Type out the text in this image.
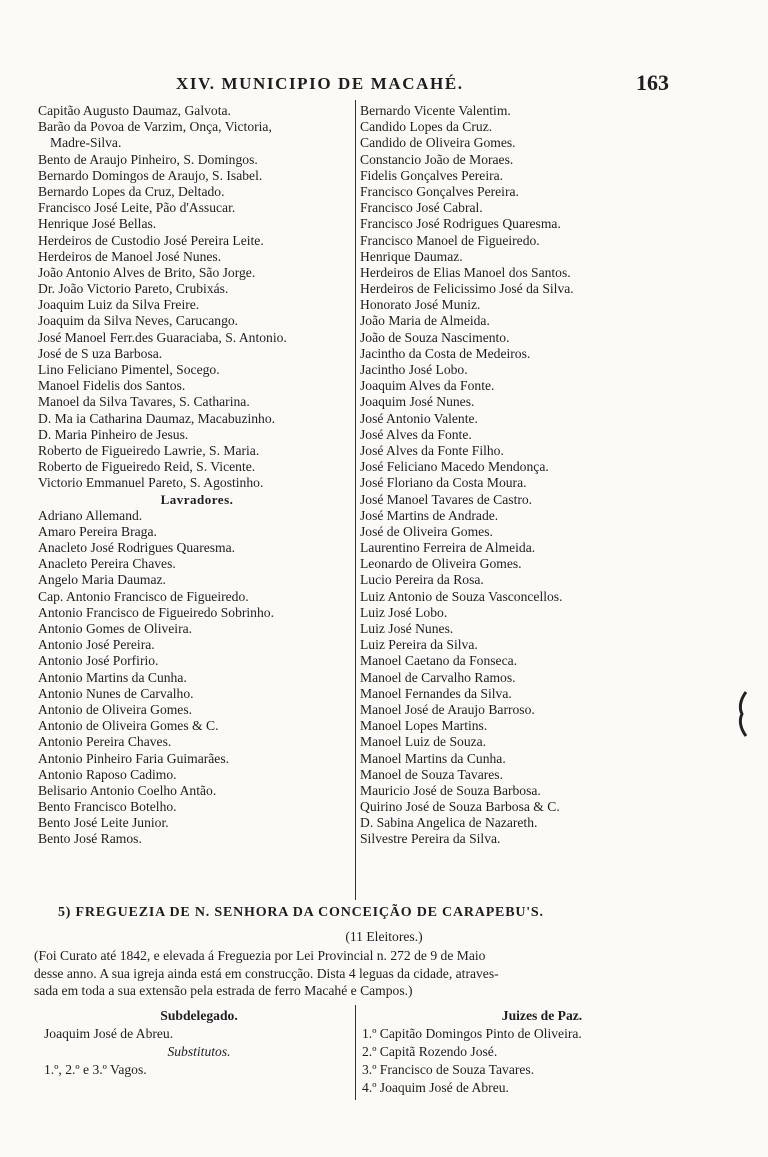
XIV. MUNICIPIO DE MACAHÉ.	163
Capitão Augusto Daumaz, Galvota.
Barão da Povoa de Varzim, Onça, Victoria,
Madre-Silva.
Bento de Araujo Pinheiro, S. Domingos.
Bernardo Domingos de Araujo, S. Isabel.
Bernardo Lopes da Cruz, Deltado.
Francisco José Leite, Pão d'Assucar.
Henrique José Bellas.
Herdeiros de Custodio José Pereira Leite.
Herdeiros de Manoel José Nunes.
João Antonio Alves de Brito, São Jorge.
Dr. João Victorio Pareto, Crubixás.
Joaquim Luiz da Silva Freire.
Joaquim da Silva Neves, Carucango.
José Manoel Ferr.des Guaraciaba, S. Antonio.
José de S uza Barbosa.
Lino Feliciano Pimentel, Socego.
Manoel Fidelis dos Santos.
Manoel da Silva Tavares, S. Catharina.
D. Ma ia Catharina Daumaz, Macabuzinho.
D. Maria Pinheiro de Jesus.
Roberto de Figueiredo Lawrie, S. Maria.
Roberto de Figueiredo Reid, S. Vicente.
Victorio Emmanuel Pareto, S. Agostinho.
Lavradores.
Adriano Allemand.
Amaro Pereira Braga.
Anacleto José Rodrigues Quaresma.
Anacleto Pereira Chaves.
Angelo Maria Daumaz.
Cap. Antonio Francisco de Figueiredo.
Antonio Francisco de Figueiredo Sobrinho.
Antonio Gomes de Oliveira.
Antonio José Pereira.
Antonio José Porfirio.
Antonio Martins da Cunha.
Antonio Nunes de Carvalho.
Antonio de Oliveira Gomes.
Antonio de Oliveira Gomes & C.
Antonio Pereira Chaves.
Antonio Pinheiro Faria Guimarães.
Antonio Raposo Cadimo.
Belisario Antonio Coelho Antão.
Bento Francisco Botelho.
Bento José Leite Junior.
Bento José Ramos.
Bernardo Vicente Valentim.
Candido Lopes da Cruz.
Candido de Oliveira Gomes.
Constancio João de Moraes.
Fidelis Gonçalves Pereira.
Francisco Gonçalves Pereira.
Francisco José Cabral.
Francisco José Rodrigues Quaresma.
Francisco Manoel de Figueiredo.
Henrique Daumaz.
Herdeiros de Elias Manoel dos Santos.
Herdeiros de Felicissimo José da Silva.
Honorato José Muniz.
João Maria de Almeida.
João de Souza Nascimento.
Jacintho da Costa de Medeiros.
Jacintho José Lobo.
Joaquim Alves da Fonte.
Joaquim José Nunes.
José Antonio Valente.
José Alves da Fonte.
José Alves da Fonte Filho.
José Feliciano Macedo Mendonça.
José Floriano da Costa Moura.
José Manoel Tavares de Castro.
José Martins de Andrade.
José de Oliveira Gomes.
Laurentino Ferreira de Almeida.
Leonardo de Oliveira Gomes.
Lucio Pereira da Rosa.
Luiz Antonio de Souza Vasconcellos.
Luiz José Lobo.
Luiz José Nunes.
Luiz Pereira da Silva.
Manoel Caetano da Fonseca.
Manoel de Carvalho Ramos.
Manoel Fernandes da Silva.
Manoel José de Araujo Barroso.
Manoel Lopes Martins.
Manoel Luiz de Souza.
Manoel Martins da Cunha.
Manoel de Souza Tavares.
Mauricio José de Souza Barbosa.
Quirino José de Souza Barbosa & C.
D. Sabina Angelica de Nazareth.
Silvestre Pereira da Silva.
5) FREGUEZIA DE N. SENHORA DA CONCEIÇÃO DE CARAPEBU'S.
(11 Eleitores.)
(Foi Curato até 1842, e elevada á Freguezia por Lei Provincial n. 272 de 9 de Maio
desse anno. A sua igreja ainda está em construcção. Dista 4 leguas da cidade, atraves-
sada em toda a sua extensão pela estrada de ferro Macahé e Campos.)
Subdelegado.
Joaquim José de Abreu.
Substitutos.
1.º, 2.º e 3.º Vagos.
Juizes de Paz.
1.º Capitão Domingos Pinto de Oliveira.
2.º Capitã Rozendo José.
3.º Francisco de Souza Tavares.
4.º Joaquim José de Abreu.
